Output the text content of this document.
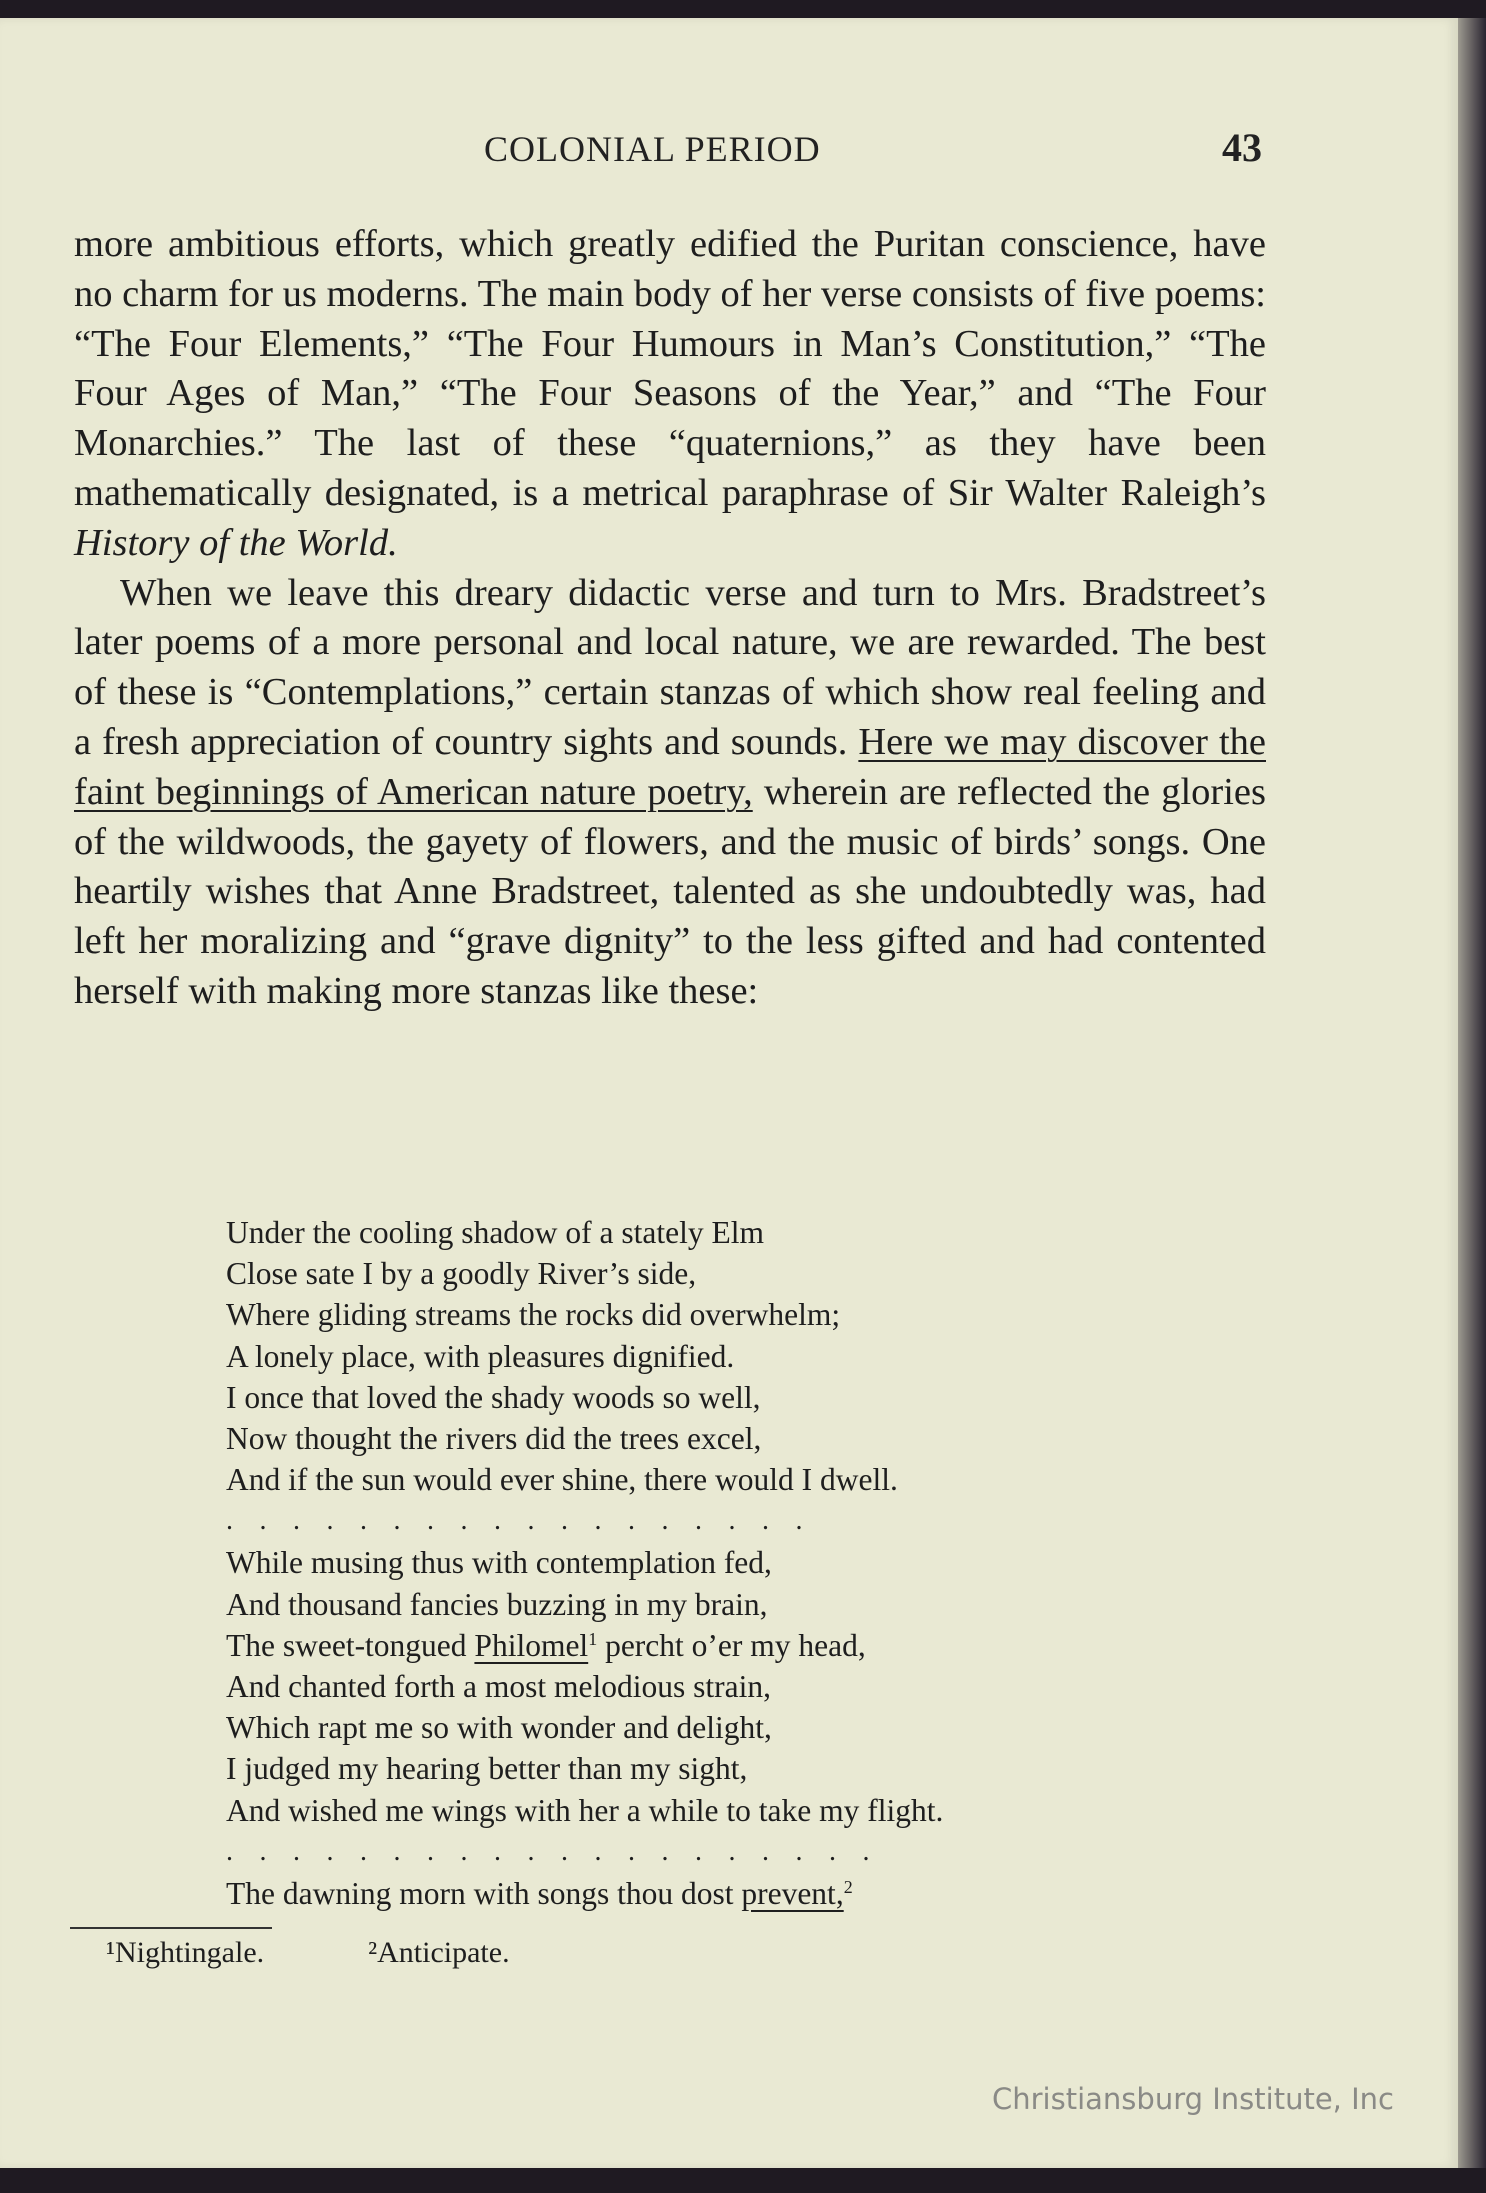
COLONIAL PERIOD	43

more ambitious efforts, which greatly edified the Puritan conscience, have no charm for us moderns. The main body of her verse consists of five poems: “The Four Elements,” “The Four Humours in Man’s Constitution,” “The Four Ages of Man,” “The Four Seasons of the Year,” and “The Four Monarchies.” The last of these “quaternions,” as they have been mathematically designated, is a metrical paraphrase of Sir Walter Raleigh’s History of the World.

When we leave this dreary didactic verse and turn to Mrs. Bradstreet’s later poems of a more personal and local nature, we are rewarded. The best of these is “Contemplations,” certain stanzas of which show real feeling and a fresh appreciation of country sights and sounds. Here we may discover the faint beginnings of American nature poetry, wherein are reflected the glories of the wildwoods, the gayety of flowers, and the music of birds’ songs. One heartily wishes that Anne Bradstreet, talented as she undoubtedly was, had left her moralizing and “grave dignity” to the less gifted and had contented herself with making more stanzas like these:

Under the cooling shadow of a stately Elm
Close sate I by a goodly River’s side,
Where gliding streams the rocks did overwhelm;
A lonely place, with pleasures dignified.
I once that loved the shady woods so well,
Now thought the rivers did the trees excel,
And if the sun would ever shine, there would I dwell.
. . . . . . . . . . . . . . . . . .
While musing thus with contemplation fed,
And thousand fancies buzzing in my brain,
The sweet-tongued Philomel$^1$ percht o’er my head,
And chanted forth a most melodious strain,
Which rapt me so with wonder and delight,
I judged my hearing better than my sight,
And wished me wings with her a while to take my flight.
. . . . . . . . . . . . . . . . . . . .
The dawning morn with songs thou dost prevent,$^2$
¹Nightingale.	²Anticipate.
Christiansburg Institute, Inc
